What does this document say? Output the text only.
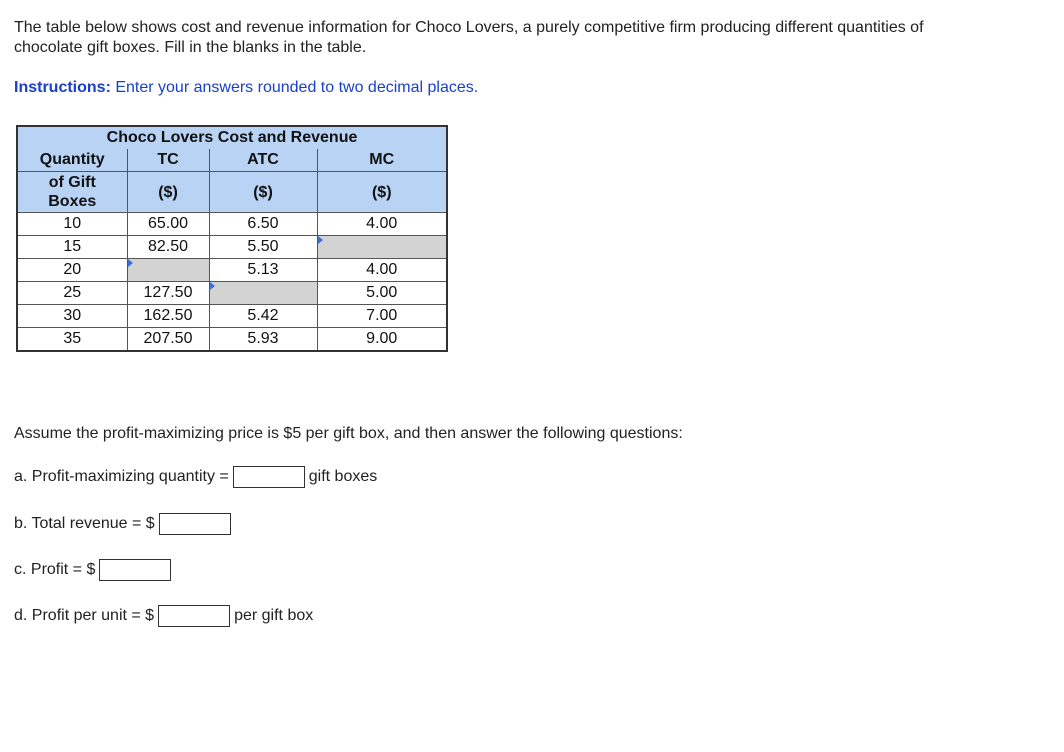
The table below shows cost and revenue information for Choco Lovers, a purely competitive firm producing different quantities of chocolate gift boxes. Fill in the blanks in the table.
Instructions: Enter your answers rounded to two decimal places.
Choco Lovers Cost and Revenue			
Quantity	TC	ATC	MC
of Gift
Boxes	($)	($)	($)
10	65.00	6.50	4.00
15	82.50	5.50	
20		5.13	4.00
25	127.50		5.00
30	162.50	5.42	7.00
35	207.50	5.93	9.00
Assume the profit-maximizing price is $5 per gift box, and then answer the following questions:
a. Profit-maximizing quantity =	gift boxes
b. Total revenue = $
c. Profit = $
d. Profit per unit = $	per gift box
